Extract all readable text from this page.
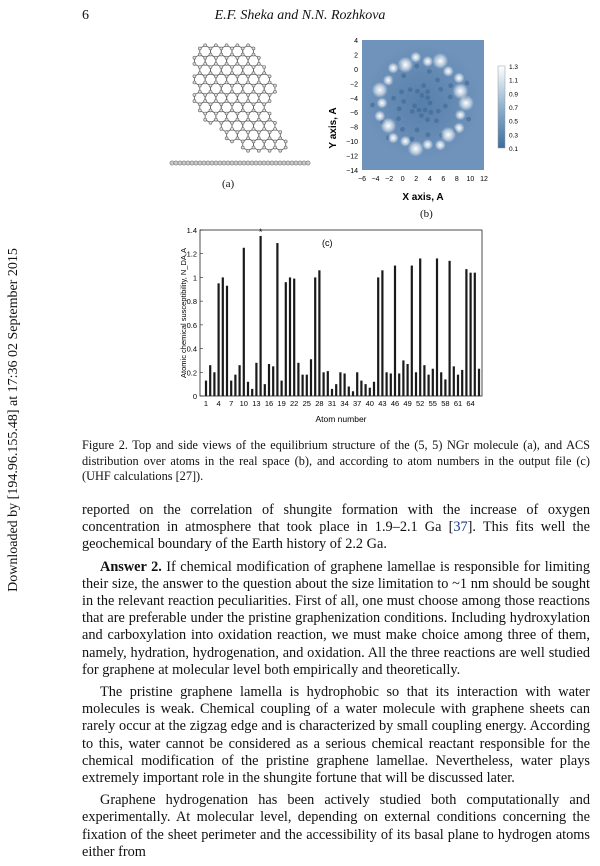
6	E.F. Sheka and N.N. Rozhkova
Downloaded by [194.96.155.48] at 17:36 02 September 2015
(a)
4
2
0
−2
−4
−6
−8
−10
−12
−14
−6 −4 −2 0 2 4 6 8 10 12
Y axis, A
X axis, A
1.3
1.1
0.9
0.7
0.5
0.3
0.1
(b)
0
0.2
0.4
0.6
0.8
1
1.2
1.4
1 4 7 10 13 16 19 22 25 28 31 34 37 40 43 46 49 52 55 58 61 64
(c)
*
Atom number
Atomic chemical susceptibility, N_DA,A
Figure 2. Top and side views of the equilibrium structure of the (5, 5) NGr molecule (a), and ACS distribution over atoms in the real space (b), and according to atom numbers in the output file (c) (UHF calculations [27]).

reported on the correlation of shungite formation with the increase of oxygen concentration in atmosphere that took place in 1.9–2.1 Ga [37]. This fits well the geochemical boundary of the Earth history of 2.2 Ga.

Answer 2. If chemical modification of graphene lamellae is responsible for limiting their size, the answer to the question about the size limitation to ~1 nm should be sought in the relevant reaction peculiarities. First of all, one must choose among those reactions that are preferable under the pristine graphenization conditions. Including hydroxylation and carboxylation into oxidation reaction, we must make choice among three of them, namely, hydration, hydrogenation, and oxidation. All the three reactions are well studied for graphene at molecular level both empirically and theoretically.

The pristine graphene lamella is hydrophobic so that its interaction with water molecules is weak. Chemical coupling of a water molecule with graphene sheets can rarely occur at the zigzag edge and is characterized by small coupling energy. According to this, water cannot be considered as a serious chemical reactant responsible for the chemical modification of the pristine graphene lamellae. Nevertheless, water plays extremely important role in the shungite fortune that will be discussed later.

Graphene hydrogenation has been actively studied both computationally and experimentally. At molecular level, depending on external conditions concerning the fixation of the sheet perimeter and the accessibility of its basal plane to hydrogen atoms either from
